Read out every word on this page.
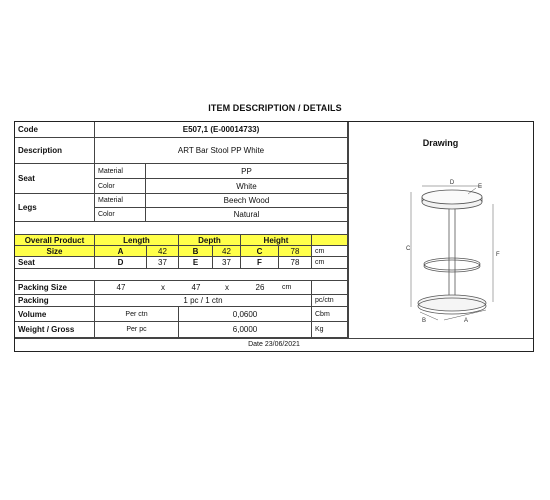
ITEM DESCRIPTION / DETAILS
Code	E507,1 (E-00014733)
Description	ART Bar Stool PP White
Seat
Material	PP
Color	White
Legs
Material	Beech Wood
Color	Natural
Overall Product	Length	Depth	Height
Size	A	42	B	42	C	78	cm
Seat	D	37	E	37	F	78	cm
Packing Size	47	x	47	x	26	cm
Packing	1 pc / 1 ctn	pc/ctn
Volume	Per ctn	0,0600	Cbm
Weight / Gross	Per pc	6,0000	Kg
Date 23/06/2021
Drawing
D
E
C
F
B	A
